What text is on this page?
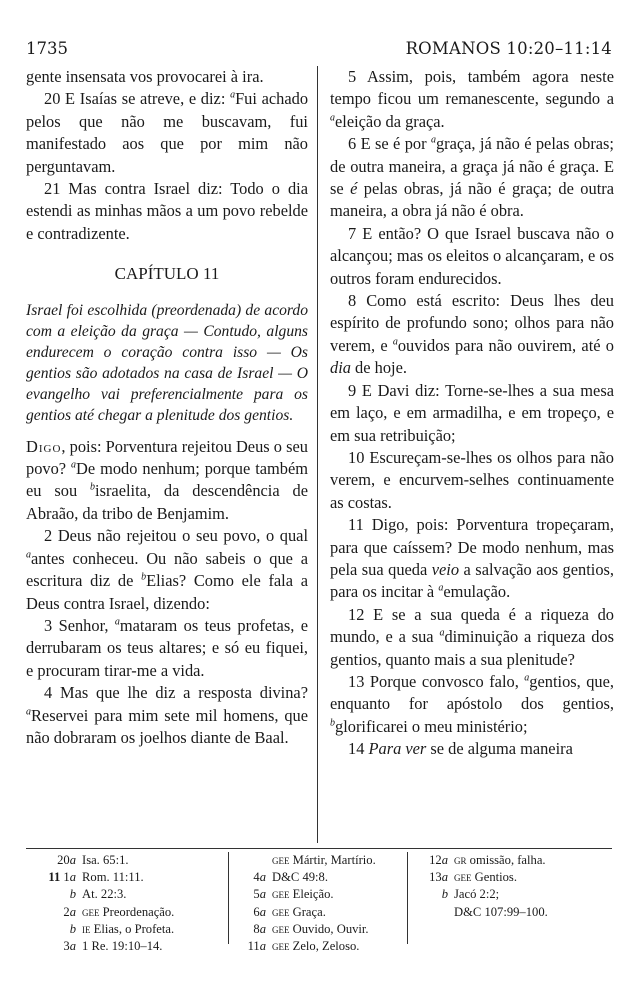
1735	ROMANOS 10:20–11:14

gente insensata vos provocarei à ira.

20 E Isaías se atreve, e diz: $^a$Fui achado pelos que não me buscavam, fui manifestado aos que por mim não perguntavam.

21 Mas contra Israel diz: Todo o dia estendi as minhas mãos a um povo rebelde e contradizente.

CAPÍTULO 11

Israel foi escolhida (preordenada) de acordo com a eleição da graça — Contudo, alguns endurecem o coração contra isso — Os gentios são adotados na casa de Israel — O evangelho vai preferencialmente para os gentios até chegar a plenitude dos gentios.

Digo, pois: Porventura rejeitou Deus o seu povo? $^a$De modo nenhum; porque também eu sou $^b$israelita, da descendência de Abraão, da tribo de Benjamim.

2 Deus não rejeitou o seu povo, o qual $^a$antes conheceu. Ou não sabeis o que a escritura diz de $^b$Elias? Como ele fala a Deus contra Israel, dizendo:

3 Senhor, $^a$mataram os teus profetas, e derrubaram os teus altares; e só eu fiquei, e procuram tirar-me a vida.

4 Mas que lhe diz a resposta divina? $^a$Reservei para mim sete mil homens, que não dobraram os joelhos diante de Baal.

5 Assim, pois, também agora neste tempo ficou um remanescente, segundo a $^a$eleição da graça.

6 E se é por $^a$graça, já não é pelas obras; de outra maneira, a graça já não é graça. E se é pelas obras, já não é graça; de outra maneira, a obra já não é obra.

7 E então? O que Israel buscava não o alcançou; mas os eleitos o alcançaram, e os outros foram endurecidos.

8 Como está escrito: Deus lhes deu espírito de profundo sono; olhos para não verem, e $^a$ouvidos para não ouvirem, até o dia de hoje.

9 E Davi diz: Torne-se-lhes a sua mesa em laço, e em armadilha, e em tropeço, e em sua retribuição;

10 Escureçam-se-lhes os olhos para não verem, e encurvem-selhes continuamente as costas.

11 Digo, pois: Porventura tropeçaram, para que caíssem? De modo nenhum, mas pela sua queda veio a salvação aos gentios, para os incitar à $^a$emulação.

12 E se a sua queda é a riqueza do mundo, e a sua $^a$diminuição a riqueza dos gentios, quanto mais a sua plenitude?

13 Porque convosco falo, $^a$gentios, que, enquanto for apóstolo dos gentios, $^b$glorificarei o meu ministério;

14 Para ver se de alguma maneira

20a Isa. 65:1.
11 1a Rom. 11:11.
b At. 22:3.
2a gee Preordenação.
b ie Elias, o Profeta.
3a 1 Re. 19:10–14.
gee Mártir, Martírio.
4a D&C 49:8.
5a gee Eleição.
6a gee Graça.
8a gee Ouvido, Ouvir.
11a gee Zelo, Zeloso.
12a gr omissão, falha.
13a gee Gentios.
b Jacó 2:2;
D&C 107:99–100.
